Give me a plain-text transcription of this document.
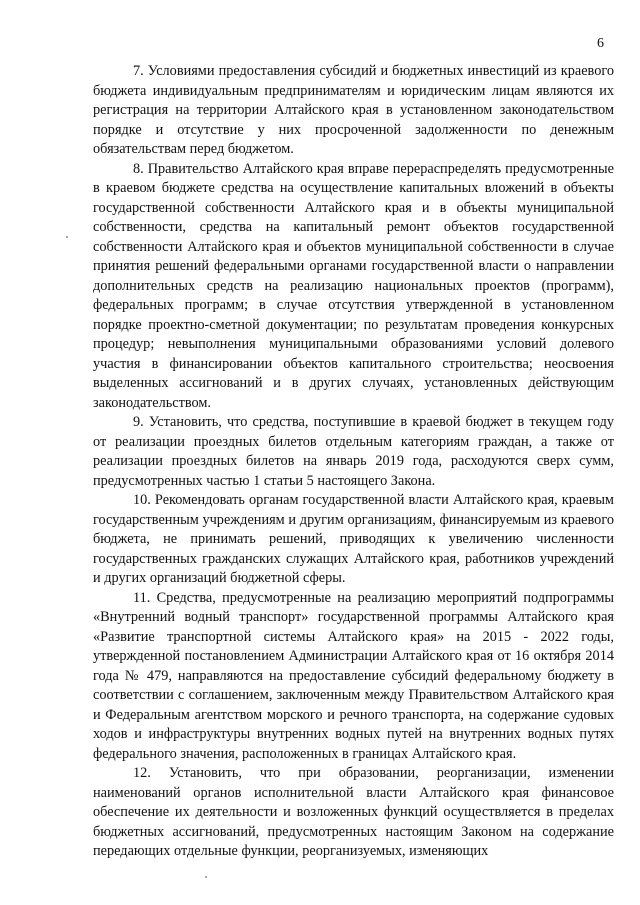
6

7. Условиями предоставления субсидий и бюджетных инвестиций из краевого бюджета индивидуальным предпринимателям и юридическим лицам являются их регистрация на территории Алтайского края в установленном законодательством порядке и отсутствие у них просроченной задолженности по денежным обязательствам перед бюджетом.

8. Правительство Алтайского края вправе перераспределять предусмотренные в краевом бюджете средства на осуществление капитальных вложений в объекты государственной собственности Алтайского края и в объекты муниципальной собственности, средства на капитальный ремонт объектов государственной собственности Алтайского края и объектов муниципальной собственности в случае принятия решений федеральными органами государственной власти о направлении дополнительных средств на реализацию национальных проектов (программ), федеральных программ; в случае отсутствия утвержденной в установленном порядке проектно-сметной документации; по результатам проведения конкурсных процедур; невыполнения муниципальными образованиями условий долевого участия в финансировании объектов капитального строительства; неосвоения выделенных ассигнований и в других случаях, установленных действующим законодательством.

9. Установить, что средства, поступившие в краевой бюджет в текущем году от реализации проездных билетов отдельным категориям граждан, а также от реализации проездных билетов на январь 2019 года, расходуются сверх сумм, предусмотренных частью 1 статьи 5 настоящего Закона.

10. Рекомендовать органам государственной власти Алтайского края, краевым государственным учреждениям и другим организациям, финансируемым из краевого бюджета, не принимать решений, приводящих к увеличению численности государственных гражданских служащих Алтайского края, работников учреждений и других организаций бюджетной сферы.

11. Средства, предусмотренные на реализацию мероприятий подпрограммы «Внутренний водный транспорт» государственной программы Алтайского края «Развитие транспортной системы Алтайского края» на 2015 - 2022 годы, утвержденной постановлением Администрации Алтайского края от 16 октября 2014 года № 479, направляются на предоставление субсидий федеральному бюджету в соответствии с соглашением, заключенным между Правительством Алтайского края и Федеральным агентством морского и речного транспорта, на содержание судовых ходов и инфраструктуры внутренних водных путей на внутренних водных путях федерального значения, расположенных в границах Алтайского края.

12. Установить, что при образовании, реорганизации, изменении наименований органов исполнительной власти Алтайского края финансовое обеспечение их деятельности и возложенных функций осуществляется в пределах бюджетных ассигнований, предусмотренных настоящим Законом на содержание передающих отдельные функции, реорганизуемых, изменяющих
